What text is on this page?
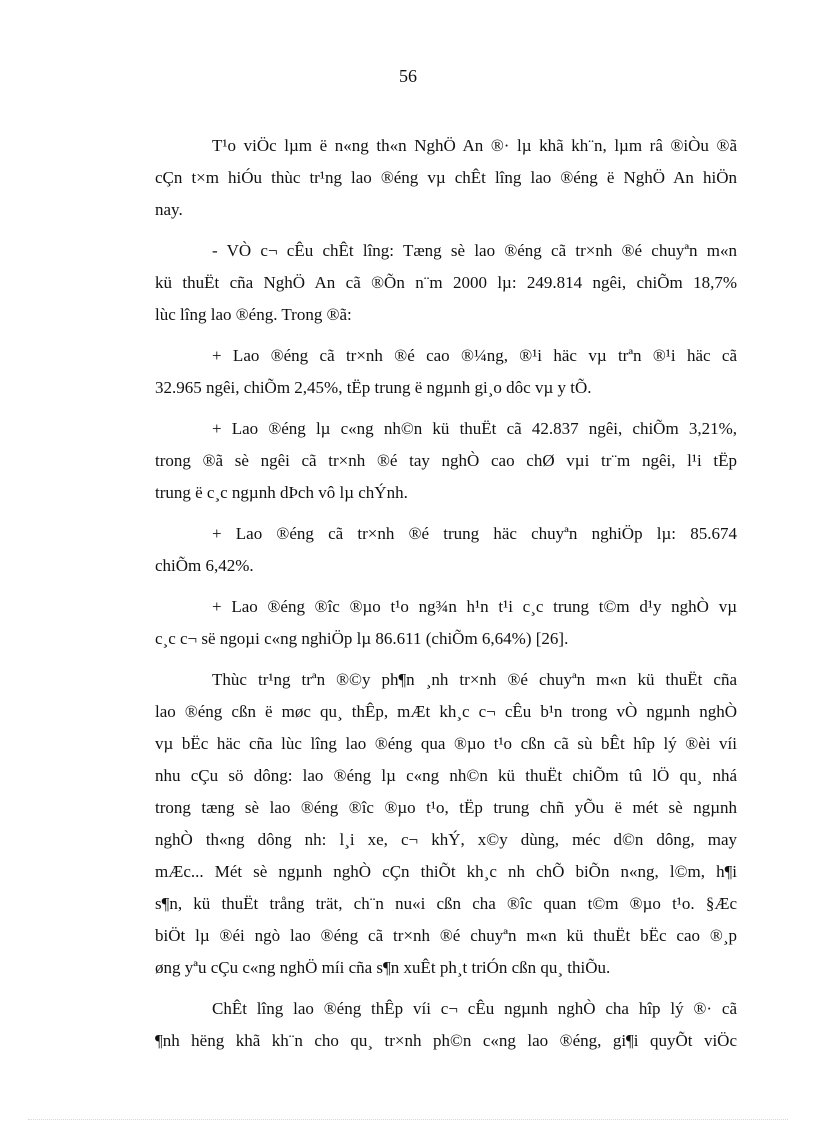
56

T¹o viÖc lµm ë n«ng th«n NghÖ An ®· lµ khã kh¨n, lµm râ ®iÒu ®ã
cÇn t×m hiÓu thùc tr¹ng lao ®éng vµ chÊt lîng lao ®éng ë NghÖ An hiÖn
nay.

- VÒ c¬ cÊu chÊt lîng: Tæng sè lao ®éng cã tr×nh ®é chuyªn m«n
kü thuËt cña NghÖ An cã ®Õn n¨m 2000 lµ: 249.814 ngêi, chiÕm 18,7%
lùc lîng lao ®éng. Trong ®ã:

+ Lao ®éng cã tr×nh ®é cao ®¼ng, ®¹i häc vµ trªn ®¹i häc cã
32.965 ngêi, chiÕm 2,45%, tËp trung ë ngµnh gi¸o dôc vµ y tÕ.

+ Lao ®éng lµ c«ng nh©n kü thuËt cã 42.837 ngêi, chiÕm 3,21%,
trong ®ã sè ngêi cã tr×nh ®é tay nghÒ cao chØ vµi tr¨m ngêi, l¹i tËp
trung ë c¸c ngµnh dÞch vô lµ chÝnh.

+ Lao ®éng cã tr×nh ®é trung häc chuyªn nghiÖp lµ: 85.674
chiÕm 6,42%.

+ Lao ®éng ®îc ®µo t¹o ng¾n h¹n t¹i c¸c trung t©m d¹y nghÒ vµ
c¸c c¬ së ngoµi c«ng nghiÖp lµ 86.611 (chiÕm 6,64%) [26].

Thùc tr¹ng trªn ®©y ph¶n ¸nh tr×nh ®é chuyªn m«n kü thuËt cña
lao ®éng cßn ë møc qu¸ thÊp, mÆt kh¸c c¬ cÊu b¹n trong vÒ ngµnh nghÒ
vµ bËc häc cña lùc lîng lao ®éng qua ®µo t¹o cßn cã sù bÊt hîp lý ®èi víi
nhu cÇu sö dông: lao ®éng lµ c«ng nh©n kü thuËt chiÕm tû lÖ qu¸ nhá
trong tæng sè lao ®éng ®îc ®µo t¹o, tËp trung chñ yÕu ë mét sè ngµnh
nghÒ th«ng dông nh: l¸i xe, c¬ khÝ, x©y dùng, méc d©n dông, may
mÆc... Mét sè ngµnh nghÒ cÇn thiÕt kh¸c nh chÕ biÕn n«ng, l©m, h¶i
s¶n, kü thuËt trång trät, ch¨n nu«i cßn cha ®îc quan t©m ®µo t¹o. §Æc
biÖt lµ ®éi ngò lao ®éng cã tr×nh ®é chuyªn m«n kü thuËt bËc cao ®¸p
øng yªu cÇu c«ng nghÖ míi cña s¶n xuÊt ph¸t triÓn cßn qu¸ thiÕu.

ChÊt lîng lao ®éng thÊp víi c¬ cÊu ngµnh nghÒ cha hîp lý ®· cã
¶nh hëng khã kh¨n cho qu¸ tr×nh ph©n c«ng lao ®éng, gi¶i quyÕt viÖc
